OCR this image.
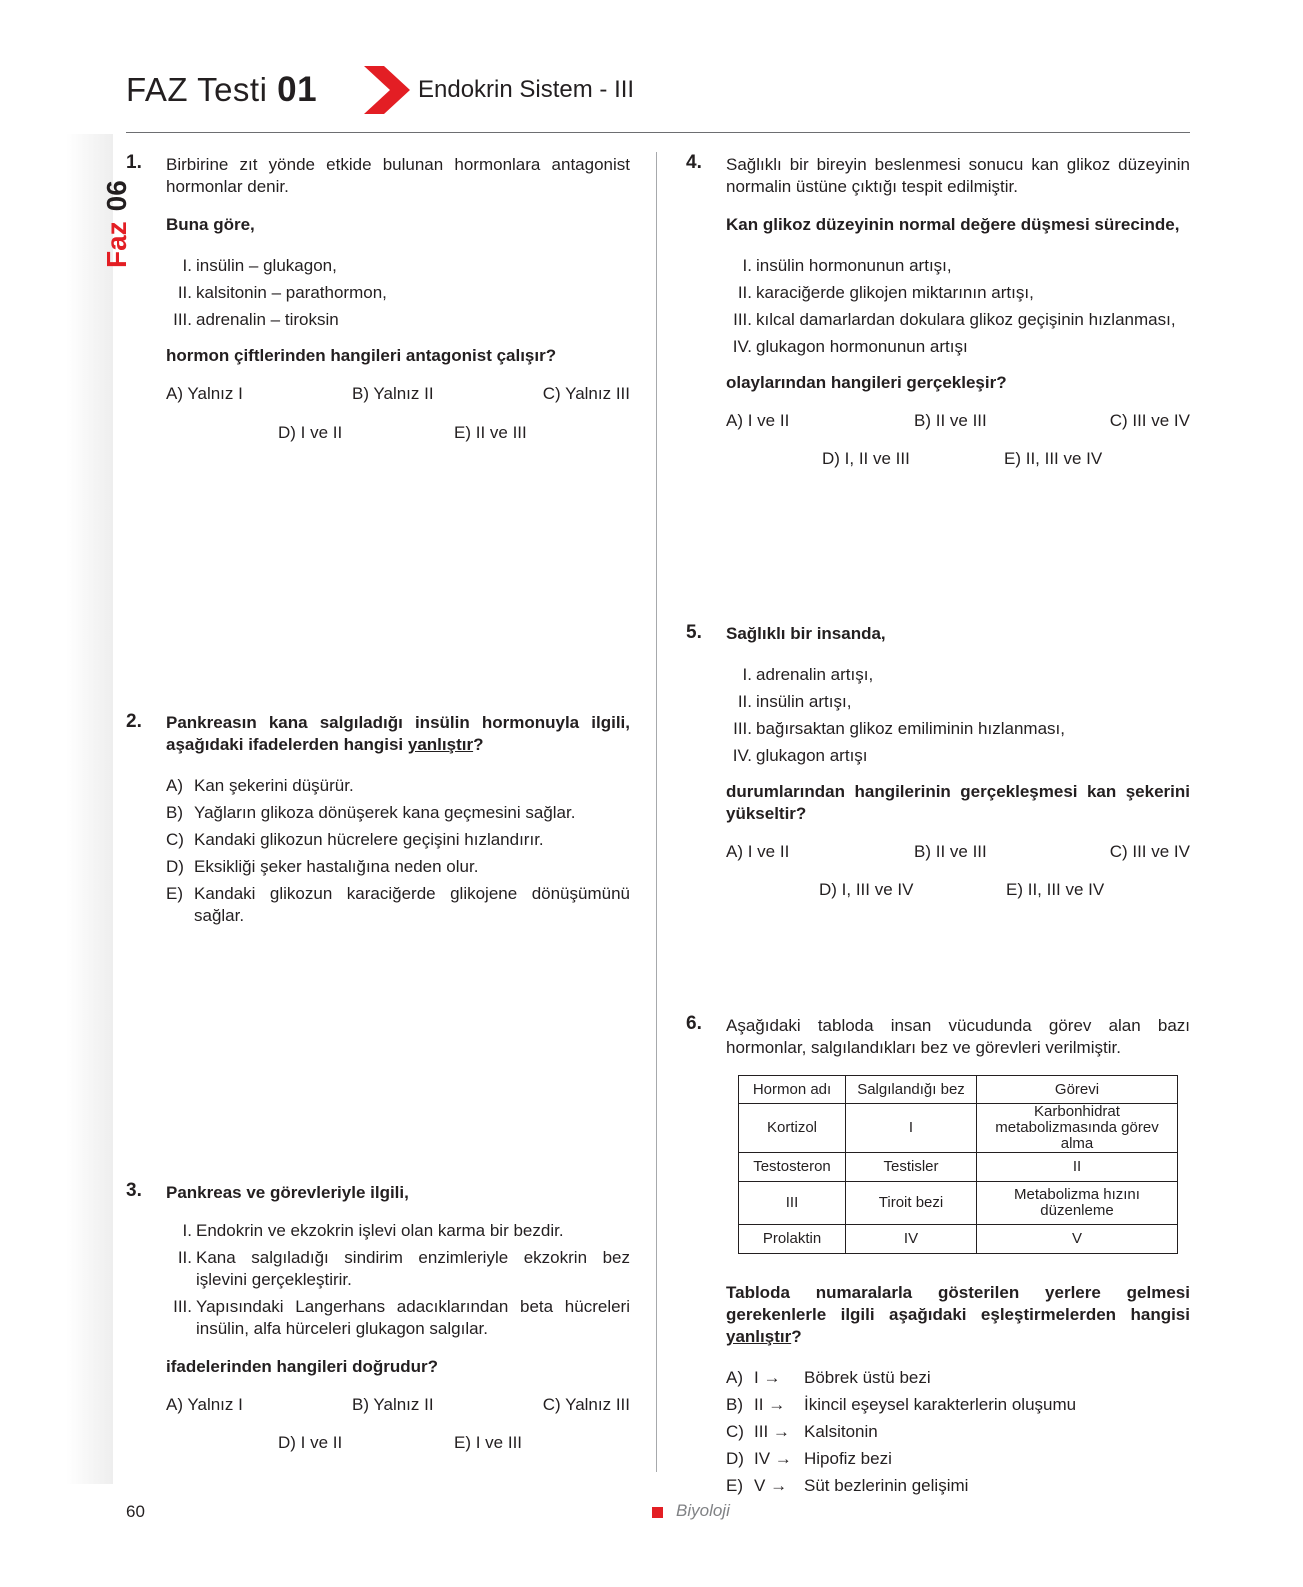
FAZ Testi 01	Endokrin Sistem - III
Faz
06
1. Birbirine zıt yönde etkide bulunan hormonlara antagonist hormonlar denir.
Buna göre,
I. insülin – glukagon,
II. kalsitonin – parathormon,
III. adrenalin – tiroksin
hormon çiftlerinden hangileri antagonist çalışır?
A) Yalnız I	B) Yalnız II	C) Yalnız III
D) I ve II	E) II ve III
2. Pankreasın kana salgıladığı insülin hormonuyla ilgili, aşağıdaki ifadelerden hangisi yanlıştır?
A) Kan şekerini düşürür.
B) Yağların glikoza dönüşerek kana geçmesini sağlar.
C) Kandaki glikozun hücrelere geçişini hızlandırır.
D) Eksikliği şeker hastalığına neden olur.
E) Kandaki glikozun karaciğerde glikojene dönüşümünü sağlar.
3. Pankreas ve görevleriyle ilgili,
I. Endokrin ve ekzokrin işlevi olan karma bir bezdir.
II. Kana salgıladığı sindirim enzimleriyle ekzokrin bez işlevini gerçekleştirir.
III. Yapısındaki Langerhans adacıklarından beta hücreleri insülin, alfa hürceleri glukagon salgılar.
ifadelerinden hangileri doğrudur?
A) Yalnız I	B) Yalnız II	C) Yalnız III
D) I ve II	E) I ve III
4. Sağlıklı bir bireyin beslenmesi sonucu kan glikoz düzeyinin normalin üstüne çıktığı tespit edilmiştir.
Kan glikoz düzeyinin normal değere düşmesi sürecinde,
I. insülin hormonunun artışı,
II. karaciğerde glikojen miktarının artışı,
III. kılcal damarlardan dokulara glikoz geçişinin hızlanması,
IV. glukagon hormonunun artışı
olaylarından hangileri gerçekleşir?
A) I ve II	B) II ve III	C) III ve IV
D) I, II ve III	E) II, III ve IV
5. Sağlıklı bir insanda,
I. adrenalin artışı,
II. insülin artışı,
III. bağırsaktan glikoz emiliminin hızlanması,
IV. glukagon artışı
durumlarından hangilerinin gerçekleşmesi kan şekerini yükseltir?
A) I ve II	B) II ve III	C) III ve IV
D) I, III ve IV	E) II, III ve IV
6. Aşağıdaki tabloda insan vücudunda görev alan bazı hormonlar, salgılandıkları bez ve görevleri verilmiştir.
Hormon adı	Salgılandığı bez	Görevi
Kortizol	I	Karbonhidrat metabolizmasında görev alma
Testosteron	Testisler	II
III	Tiroit bezi	Metabolizma hızını düzenleme
Prolaktin	IV	V
Tabloda numaralarla gösterilen yerlere gelmesi gerekenlerle ilgili aşağıdaki eşleştirmelerden hangisi yanlıştır?
A) I →	Böbrek üstü bezi
B) II →	İkincil eşeysel karakterlerin oluşumu
C) III → Kalsitonin
D) IV → Hipofiz bezi
E) V → Süt bezlerinin gelişimi
60	Biyoloji
